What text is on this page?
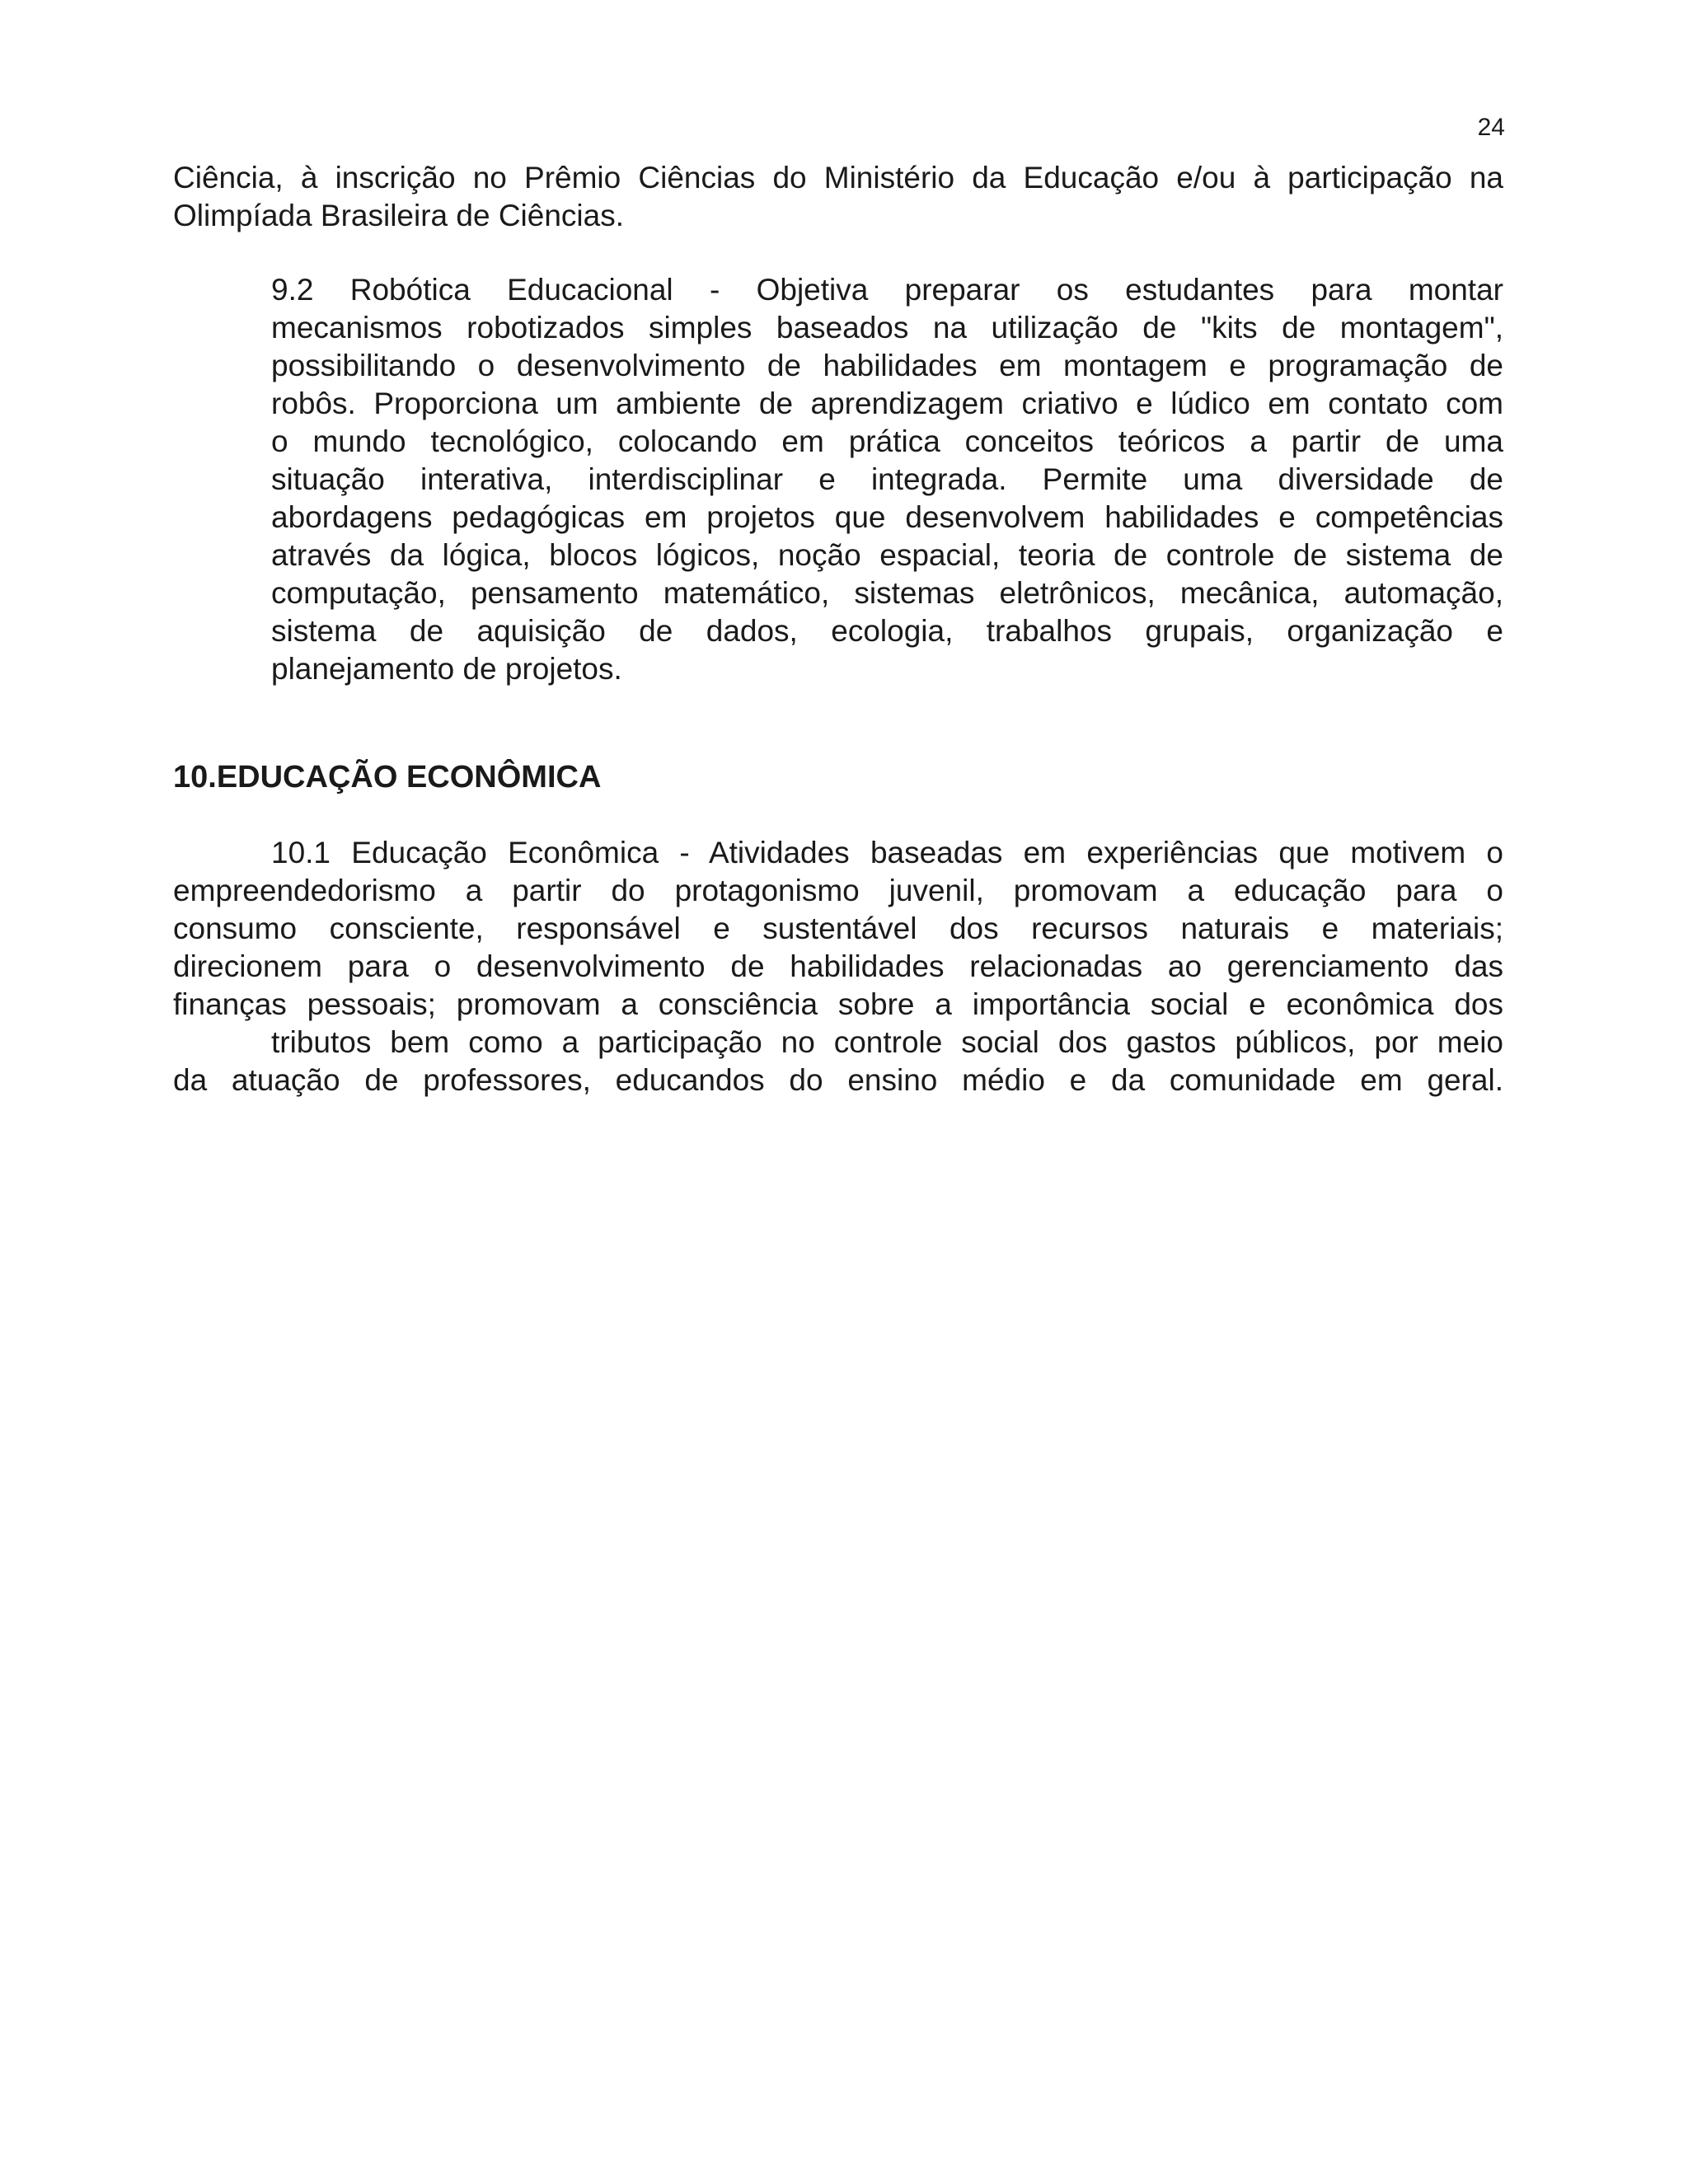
24
Ciência, à inscrição no Prêmio Ciências do Ministério da Educação e/ou à participação na
Olimpíada Brasileira de Ciências.
9.2 Robótica Educacional - Objetiva preparar os estudantes para montar
mecanismos robotizados simples baseados na utilização de "kits de montagem",
possibilitando o desenvolvimento de habilidades em montagem e programação de
robôs. Proporciona um ambiente de aprendizagem criativo e lúdico em contato com
o mundo tecnológico, colocando em prática conceitos teóricos a partir de uma
situação interativa, interdisciplinar e integrada. Permite uma diversidade de
abordagens pedagógicas em projetos que desenvolvem habilidades e competências
através da lógica, blocos lógicos, noção espacial, teoria de controle de sistema de
computação, pensamento matemático, sistemas eletrônicos, mecânica, automação,
sistema de aquisição de dados, ecologia, trabalhos grupais, organização e
planejamento de projetos.
10.EDUCAÇÃO ECONÔMICA
10.1 Educação Econômica - Atividades baseadas em experiências que motivem o
empreendedorismo a partir do protagonismo juvenil, promovam a educação para o
consumo consciente, responsável e sustentável dos recursos naturais e materiais;
direcionem para o desenvolvimento de habilidades relacionadas ao gerenciamento das
finanças pessoais; promovam a consciência sobre a importância social e econômica dos
tributos bem como a participação no controle social dos gastos públicos, por meio
da atuação de professores, educandos do ensino médio e da comunidade em geral.
